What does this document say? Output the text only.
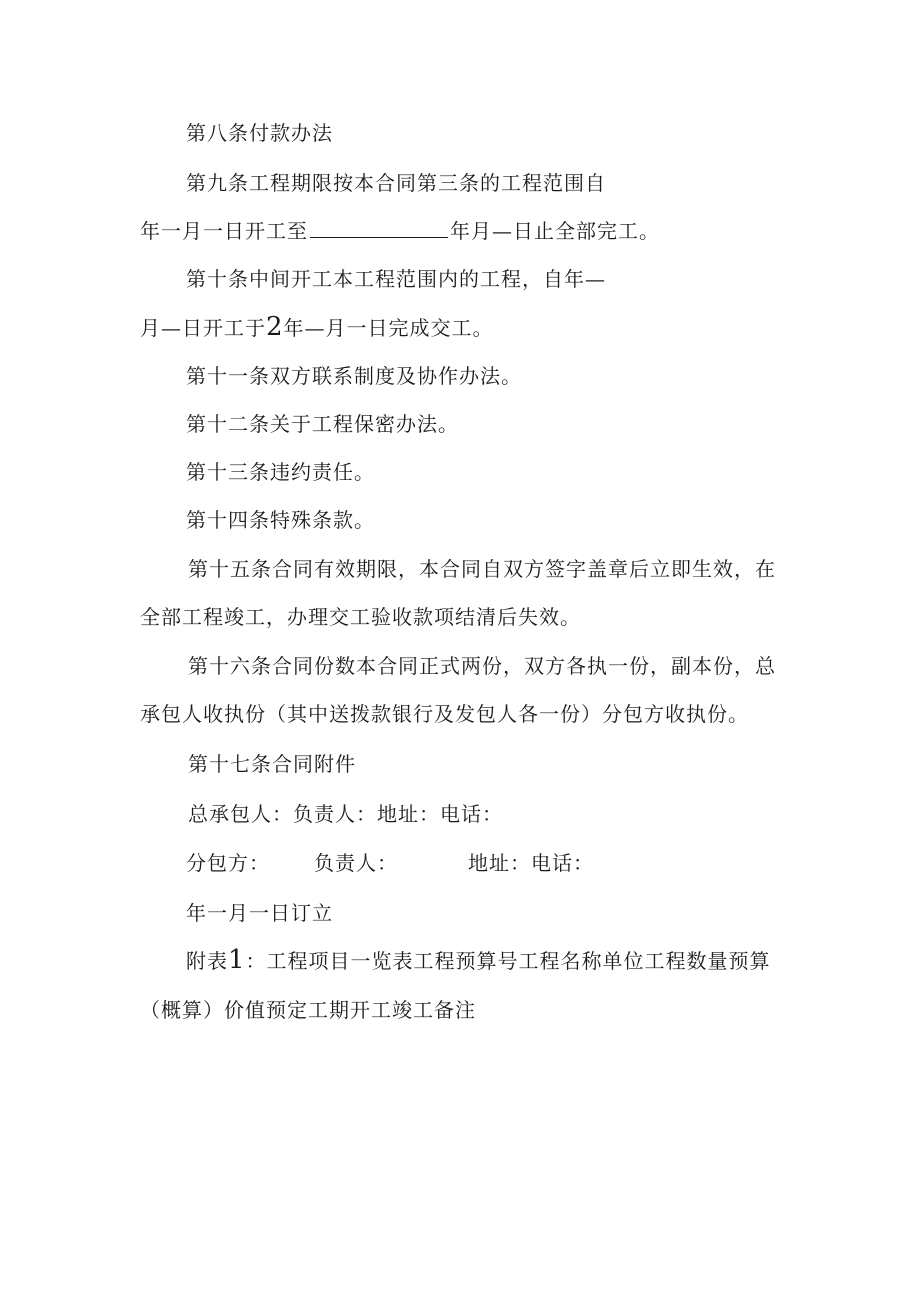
第八条付款办法
第九条工程期限按本合同第三条的工程范围自
年一月一日开工至	年月—日止全部完工。
第十条中间开工本工程范围内的工程，自年—
月—日开工于2年—月一日完成交工。
第十一条双方联系制度及协作办法。
第十二条关于工程保密办法。
第十三条违约责任。
第十四条特殊条款。
第十五条合同有效期限，本合同自双方签字盖章后立即生效，在
全部工程竣工，办理交工验收款项结清后失效。
第十六条合同份数本合同正式两份，双方各执一份，副本份，总
承包人收执份（其中送拨款银行及发包人各一份）分包方收执份。
第十七条合同附件
总承包人：负责人：地址：电话：
分包方： 负责人：	地址：电话：
年一月一日订立
附表1：工程项目一览表工程预算号工程名称单位工程数量预算
（概算）价值预定工期开工竣工备注
